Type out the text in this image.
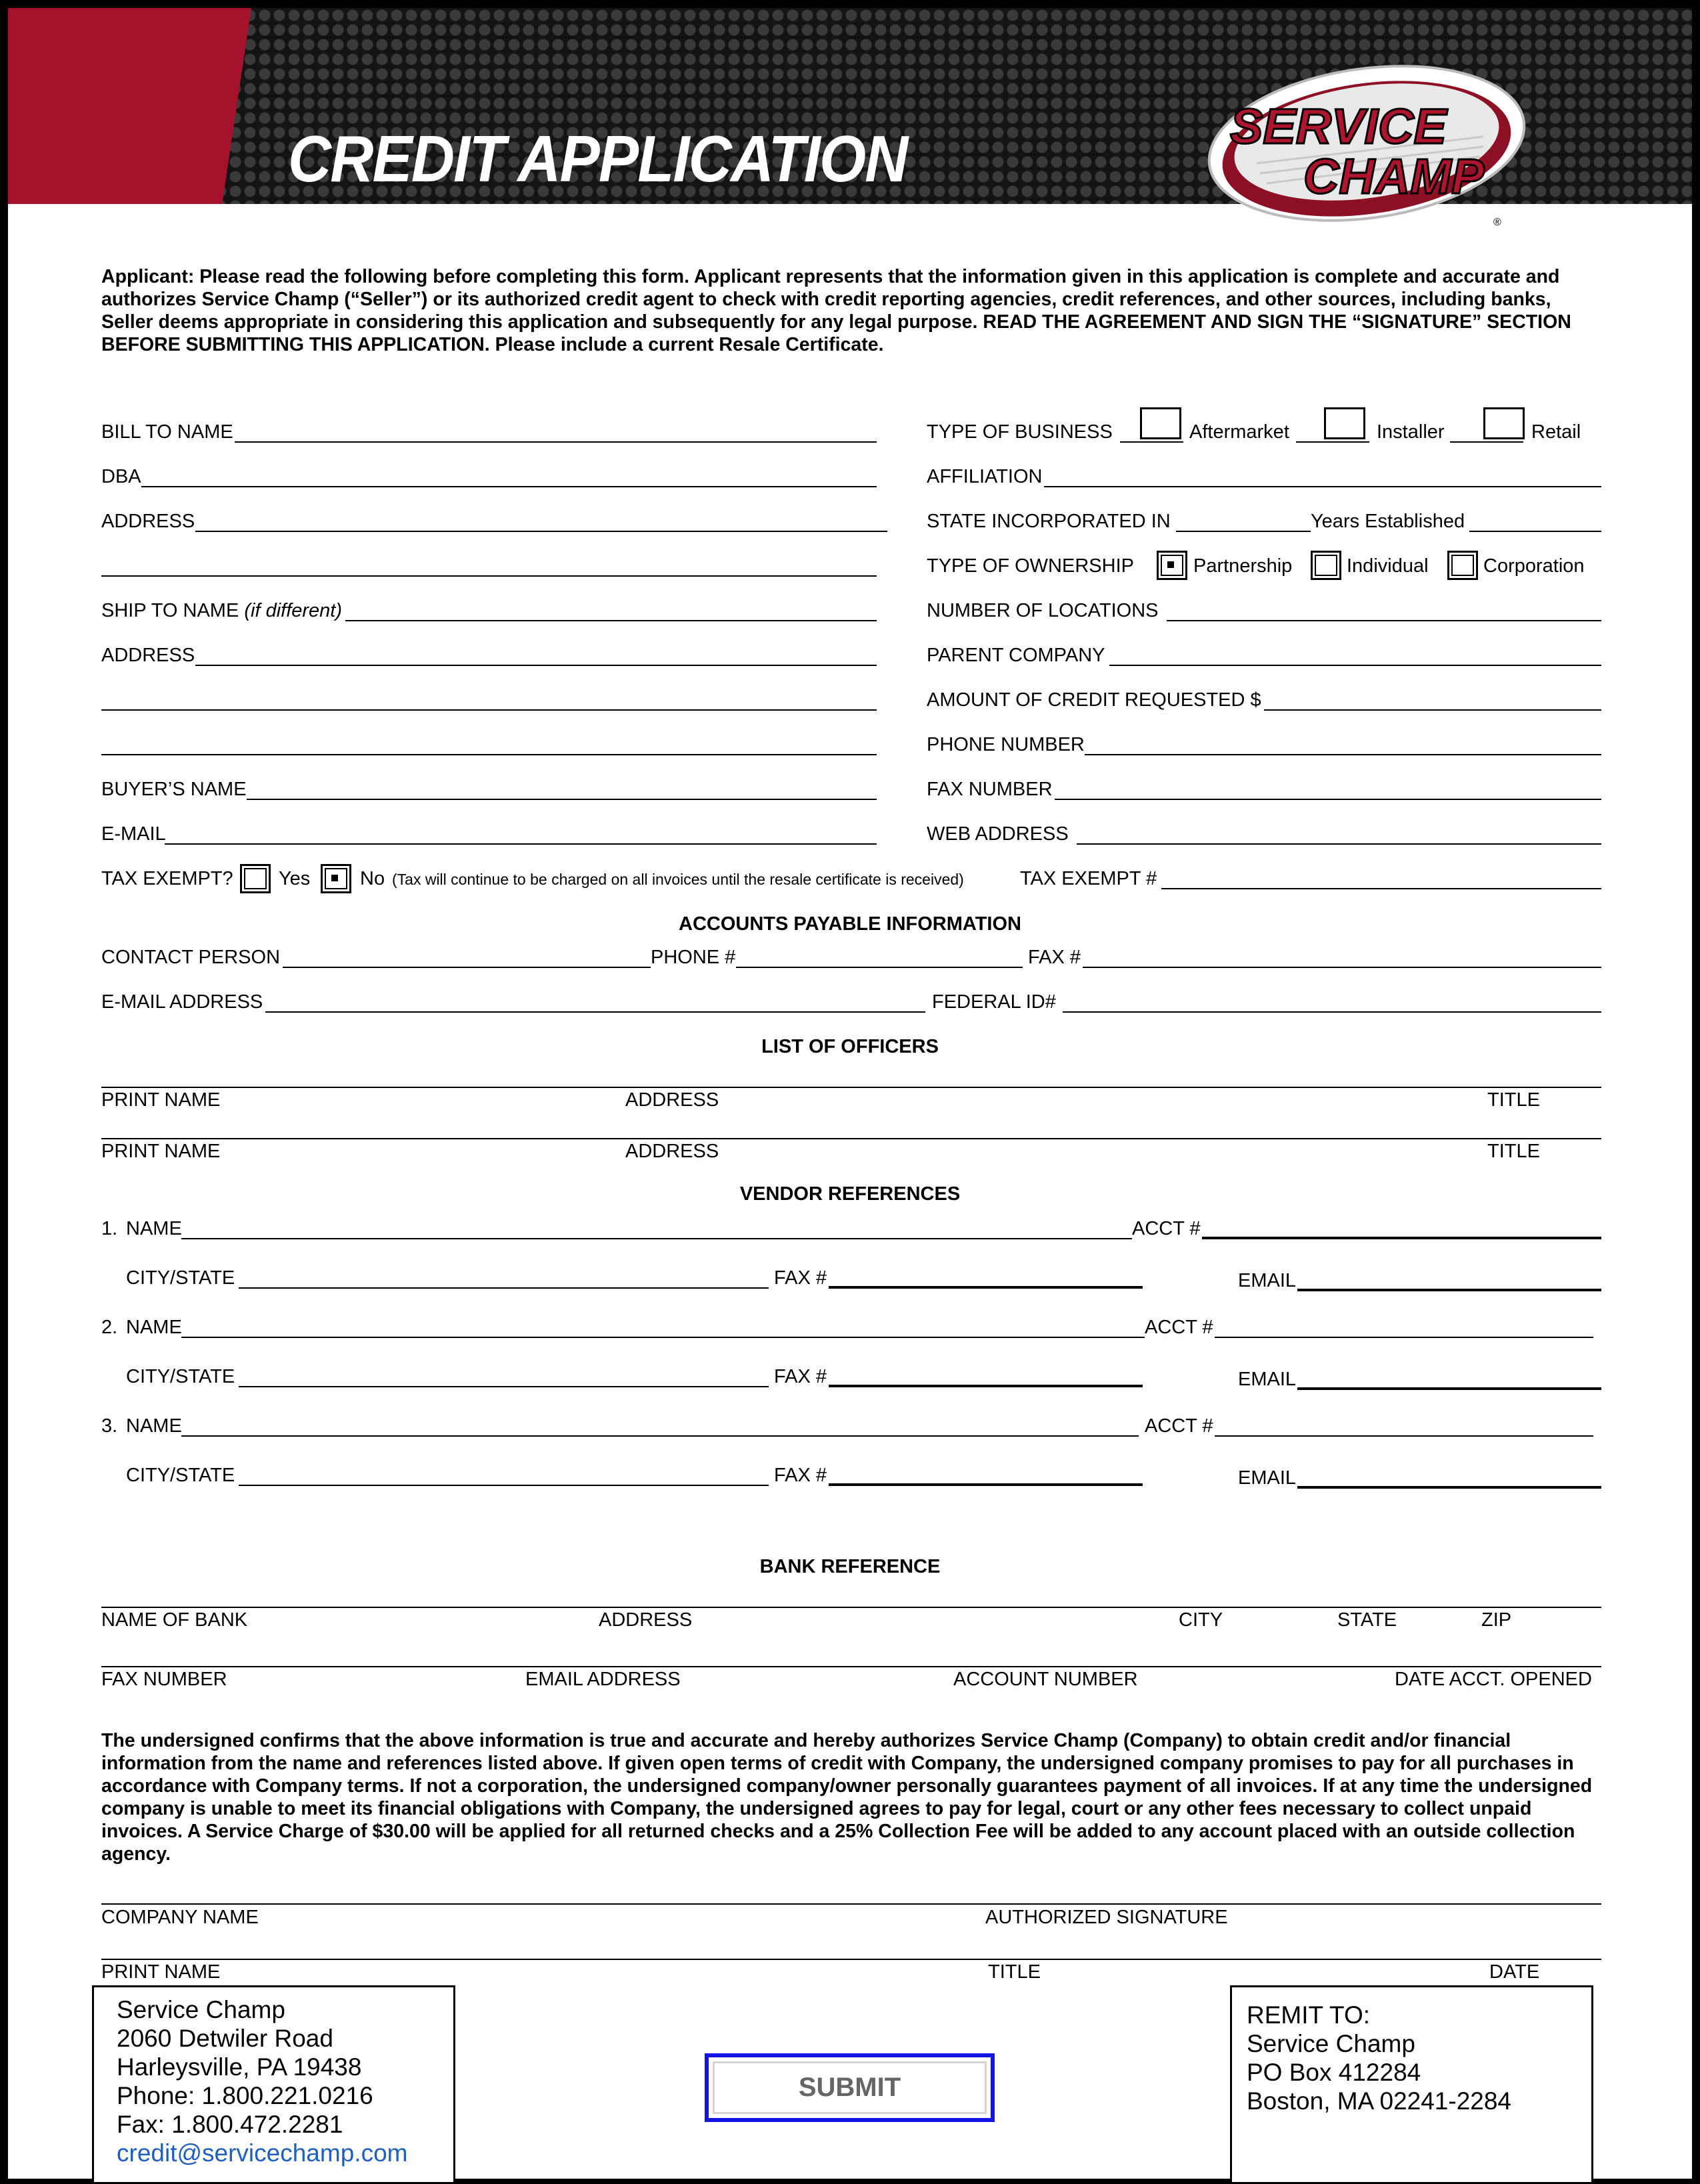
CREDIT APPLICATION	SERVICE
CHAMP
®
Applicant: Please read the following before completing this form. Applicant represents that the information given in this application is complete and accurate and authorizes Service Champ (“Seller”) or its authorized credit agent to check with credit reporting agencies, credit references, and other sources, including banks, Seller deems appropriate in considering this application and subsequently for any legal purpose. READ THE AGREEMENT AND SIGN THE “SIGNATURE” SECTION BEFORE SUBMITTING THIS APPLICATION. Please include a current Resale Certificate.
BILL TO NAME
DBA
ADDRESS
SHIP TO NAME (if different)
ADDRESS
BUYER’S NAME
E-MAIL
TYPE OF BUSINESS	Aftermarket	Installer	Retail
AFFILIATION
STATE INCORPORATED IN	Years Established
TYPE OF OWNERSHIP	Partnership	Individual	Corporation
NUMBER OF LOCATIONS
PARENT COMPANY
AMOUNT OF CREDIT REQUESTED $
PHONE NUMBER
FAX NUMBER
WEB ADDRESS
TAX EXEMPT? Yes	No (Tax will continue to be charged on all invoices until the resale certificate is received)	TAX EXEMPT #
ACCOUNTS PAYABLE INFORMATION
CONTACT PERSON	PHONE #	FAX #
E-MAIL ADDRESS	FEDERAL ID#
LIST OF OFFICERS
PRINT NAME	ADDRESS	TITLE
PRINT NAME	ADDRESS	TITLE
VENDOR REFERENCES
1. NAME	ACCT #
CITY/STATE	FAX #	EMAIL
2. NAME	ACCT #
CITY/STATE	FAX #	EMAIL
3. NAME	ACCT #
CITY/STATE	FAX #	EMAIL
BANK REFERENCE
NAME OF BANK	ADDRESS	CITY	STATE	ZIP
FAX NUMBER	EMAIL ADDRESS	ACCOUNT NUMBER	DATE ACCT. OPENED
The undersigned confirms that the above information is true and accurate and hereby authorizes Service Champ (Company) to obtain credit and/or financial information from the name and references listed above. If given open terms of credit with Company, the undersigned company promises to pay for all purchases in accordance with Company terms. If not a corporation, the undersigned company/owner personally guarantees payment of all invoices. If at any time the undersigned company is unable to meet its financial obligations with Company, the undersigned agrees to pay for legal, court or any other fees necessary to collect unpaid invoices. A Service Charge of $30.00 will be applied for all returned checks and a 25% Collection Fee will be added to any account placed with an outside collection agency.
COMPANY NAME	AUTHORIZED SIGNATURE
PRINT NAME	TITLE	DATE
Service Champ
2060 Detwiler Road
Harleysville, PA 19438
Phone: 1.800.221.0216
Fax: 1.800.472.2281
credit@servicechamp.com
SUBMIT
REMIT TO:
Service Champ
PO Box 412284
Boston, MA 02241-2284
